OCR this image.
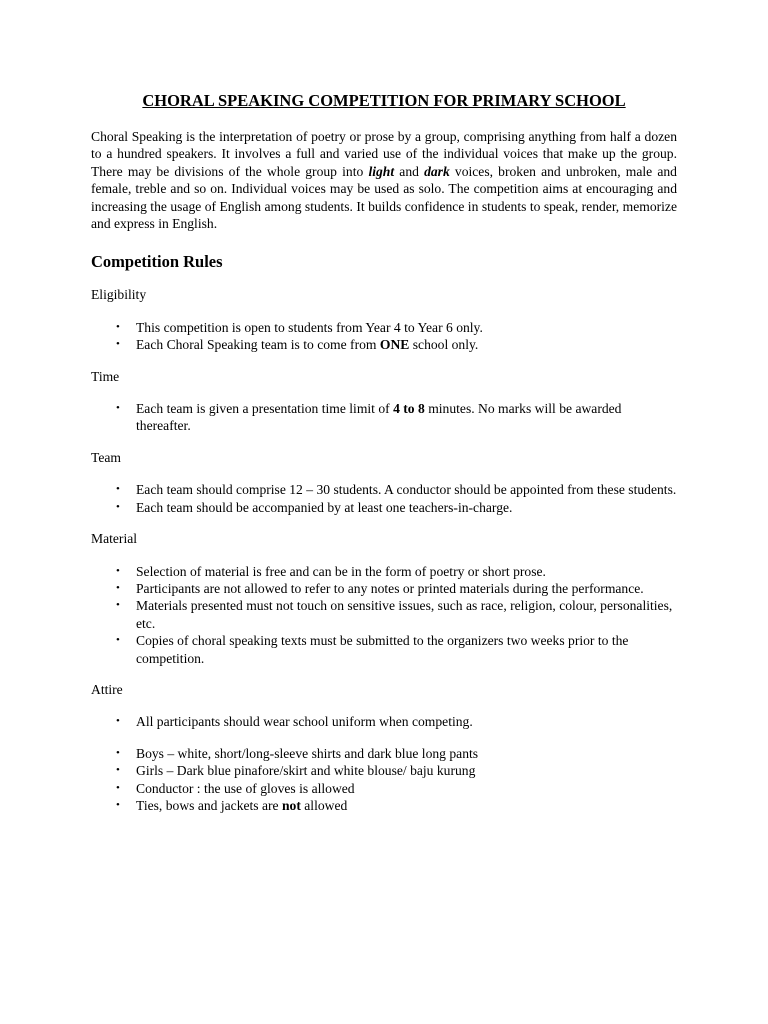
CHORAL SPEAKING COMPETITION FOR PRIMARY SCHOOL

Choral Speaking is the interpretation of poetry or prose by a group, comprising anything from half a dozen to a hundred speakers. It involves a full and varied use of the individual voices that make up the group. There may be divisions of the whole group into light and dark voices, broken and unbroken, male and female, treble and so on. Individual voices may be used as solo. The competition aims at encouraging and increasing the usage of English among students. It builds confidence in students to speak, render, memorize and express in English.

Competition Rules

Eligibility

• This competition is open to students from Year 4 to Year 6 only.
• Each Choral Speaking team is to come from ONE school only.

Time

• Each team is given a presentation time limit of 4 to 8 minutes. No marks will be awarded thereafter.

Team

• Each team should comprise 12 – 30 students. A conductor should be appointed from these students.
• Each team should be accompanied by at least one teachers-in-charge.

Material

• Selection of material is free and can be in the form of poetry or short prose.
• Participants are not allowed to refer to any notes or printed materials during the performance.
• Materials presented must not touch on sensitive issues, such as race, religion, colour, personalities, etc.
• Copies of choral speaking texts must be submitted to the organizers two weeks prior to the competition.

Attire

• All participants should wear school uniform when competing.
• Boys – white, short/long-sleeve shirts and dark blue long pants
• Girls – Dark blue pinafore/skirt and white blouse/ baju kurung
• Conductor : the use of gloves is allowed
• Ties, bows and jackets are not allowed
